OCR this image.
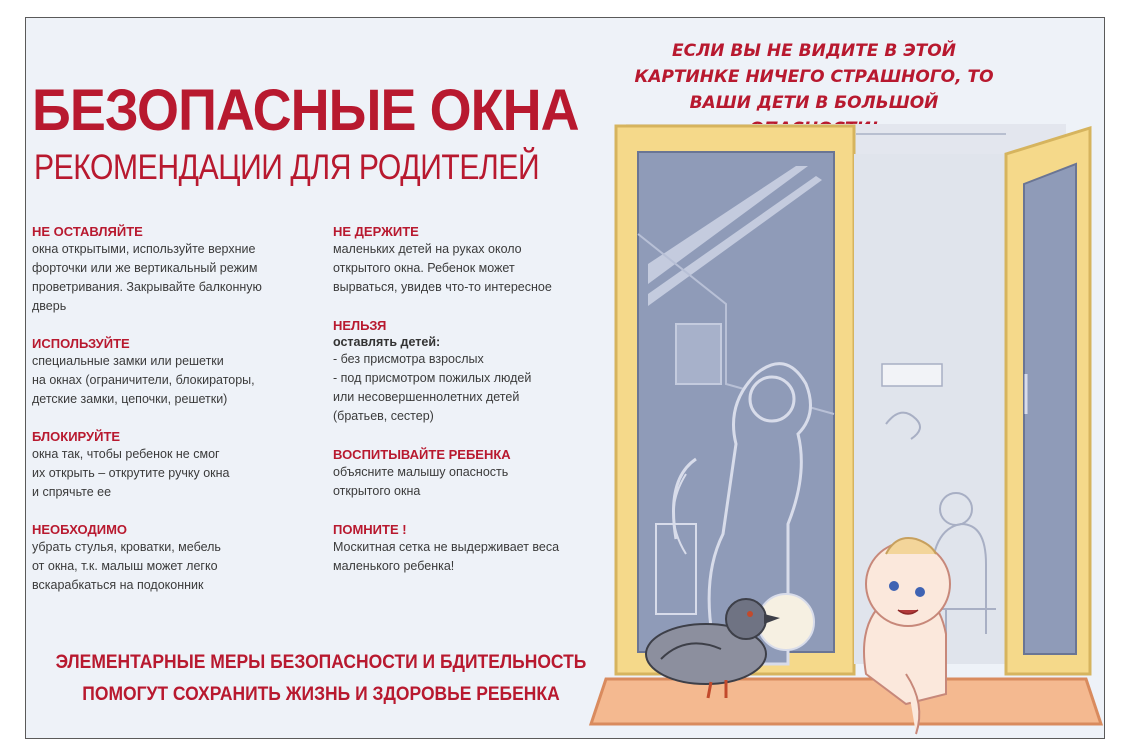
БЕЗОПАСНЫЕ ОКНА
РЕКОМЕНДАЦИИ ДЛЯ РОДИТЕЛЕЙ
НЕ ОСТАВЛЯЙТЕ
окна открытыми, используйте верхние
форточки или же вертикальный режим
проветривания. Закрывайте балконную
дверь
ИСПОЛЬЗУЙТЕ
специальные замки или решетки
на окнах (ограничители, блокираторы,
детские замки, цепочки, решетки)
БЛОКИРУЙТЕ
окна так, чтобы ребенок не смог
их открыть – открутите ручку окна
и спрячьте ее
НЕОБХОДИМО
убрать стулья, кроватки, мебель
от окна, т.к. малыш может легко
вскарабкаться на подоконник
НЕ ДЕРЖИТЕ
маленьких детей на руках около
открытого окна. Ребенок может
вырваться, увидев что-то интересное
НЕЛЬЗЯ
оставлять детей:
- без присмотра взрослых
- под присмотром пожилых людей
или несовершеннолетних детей
(братьев, сестер)
ВОСПИТЫВАЙТЕ РЕБЕНКА
объясните малышу опасность
открытого окна
ПОМНИТЕ !
Москитная сетка не выдерживает веса
маленького ребенка!
ЭЛЕМЕНТАРНЫЕ МЕРЫ БЕЗОПАСНОСТИ И БДИТЕЛЬНОСТЬ
ПОМОГУТ СОХРАНИТЬ ЖИЗНЬ И ЗДОРОВЬЕ РЕБЕНКА
ЕСЛИ ВЫ НЕ ВИДИТЕ В ЭТОЙ
КАРТИНКЕ НИЧЕГО СТРАШНОГО, ТО
ВАШИ ДЕТИ В БОЛЬШОЙ
